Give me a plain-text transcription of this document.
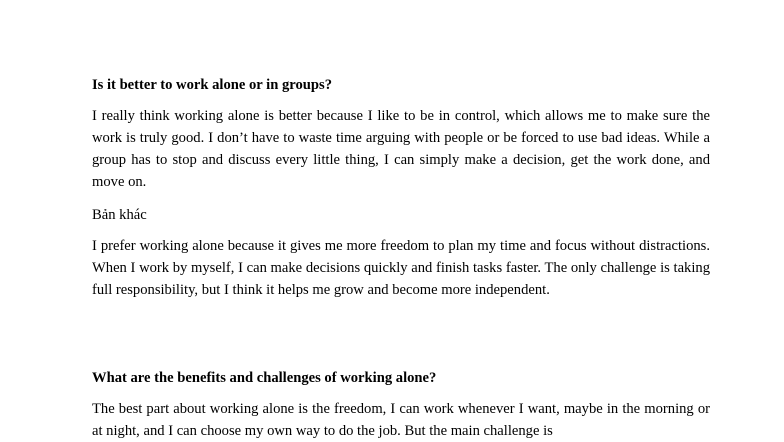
Is it better to work alone or in groups?

I really think working alone is better because I like to be in control, which allows me to make sure the work is truly good. I don’t have to waste time arguing with people or be forced to use bad ideas. While a group has to stop and discuss every little thing, I can simply make a decision, get the work done, and move on.

Bản khác

I prefer working alone because it gives me more freedom to plan my time and focus without distractions. When I work by myself, I can make decisions quickly and finish tasks faster. The only challenge is taking full responsibility, but I think it helps me grow and become more independent.

What are the benefits and challenges of working alone?

The best part about working alone is the freedom, I can work whenever I want, maybe in the morning or at night, and I can choose my own way to do the job. But the main challenge is
